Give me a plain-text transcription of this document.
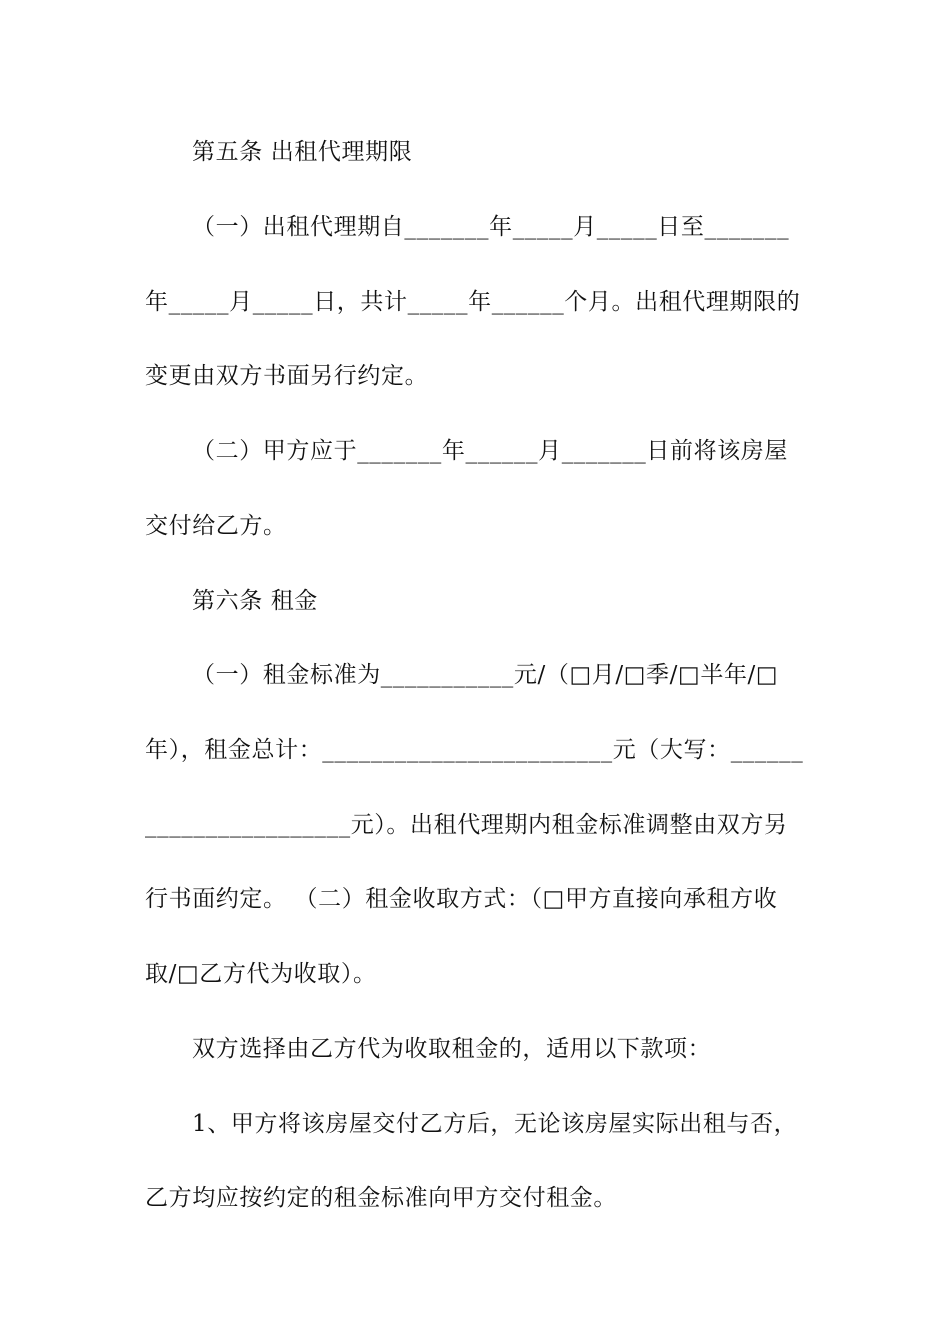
第五条 出租代理期限
（一）出租代理期自_______年_____月_____日至_______
年_____月_____日，共计_____年______个月。出租代理期限的
变更由双方书面另行约定。
（二）甲方应于_______年______月_______日前将该房屋
交付给乙方。
第六条 租金
（一）租金标准为___________元/（□月/□季/□半年/□
年），租金总计：________________________元（大写：______
_________________元）。出租代理期内租金标准调整由双方另
行书面约定。 （二）租金收取方式：（□甲方直接向承租方收
取/□乙方代为收取）。
双方选择由乙方代为收取租金的，适用以下款项：
1、甲方将该房屋交付乙方后，无论该房屋实际出租与否，
乙方均应按约定的租金标准向甲方交付租金。
